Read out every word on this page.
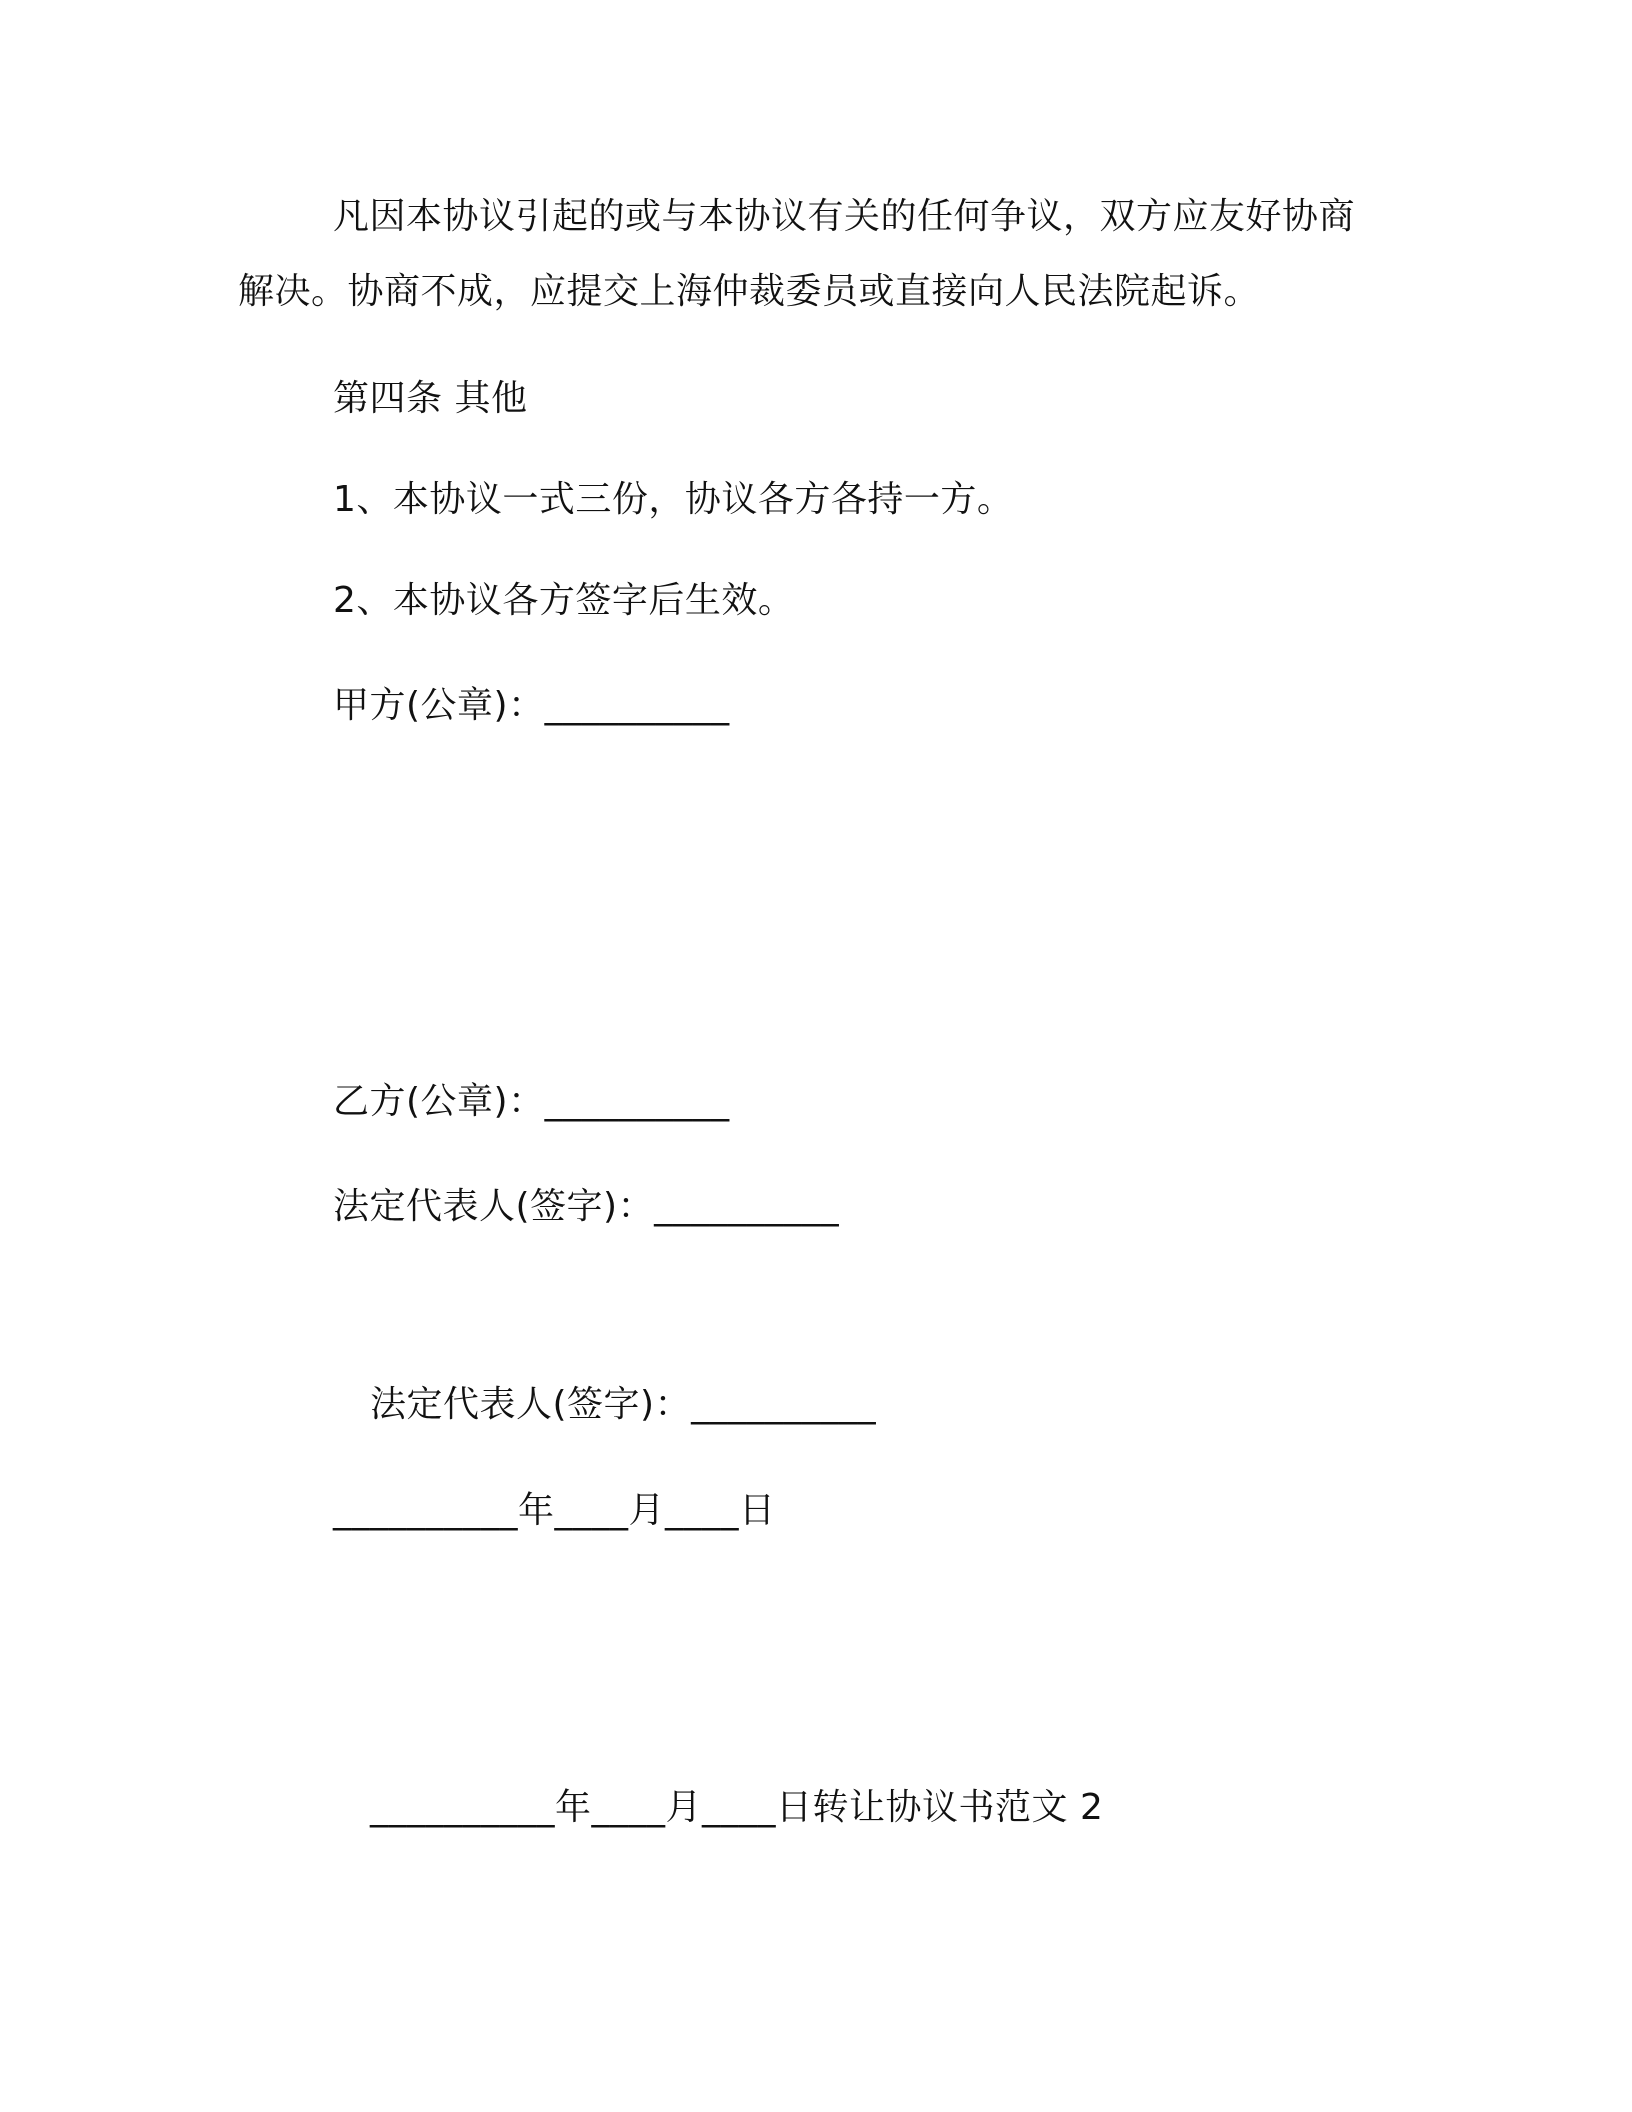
凡因本协议引起的或与本协议有关的任何争议，双方应友好协商
解决。协商不成，应提交上海仲裁委员或直接向人民法院起诉。
第四条 其他
1、本协议一式三份，协议各方各持一方。
2、本协议各方签字后生效。
甲方(公章)：__________
乙方(公章)：__________
法定代表人(签字)：__________
法定代表人(签字)：__________
__________年____月____日
__________年____月____日转让协议书范文 2
